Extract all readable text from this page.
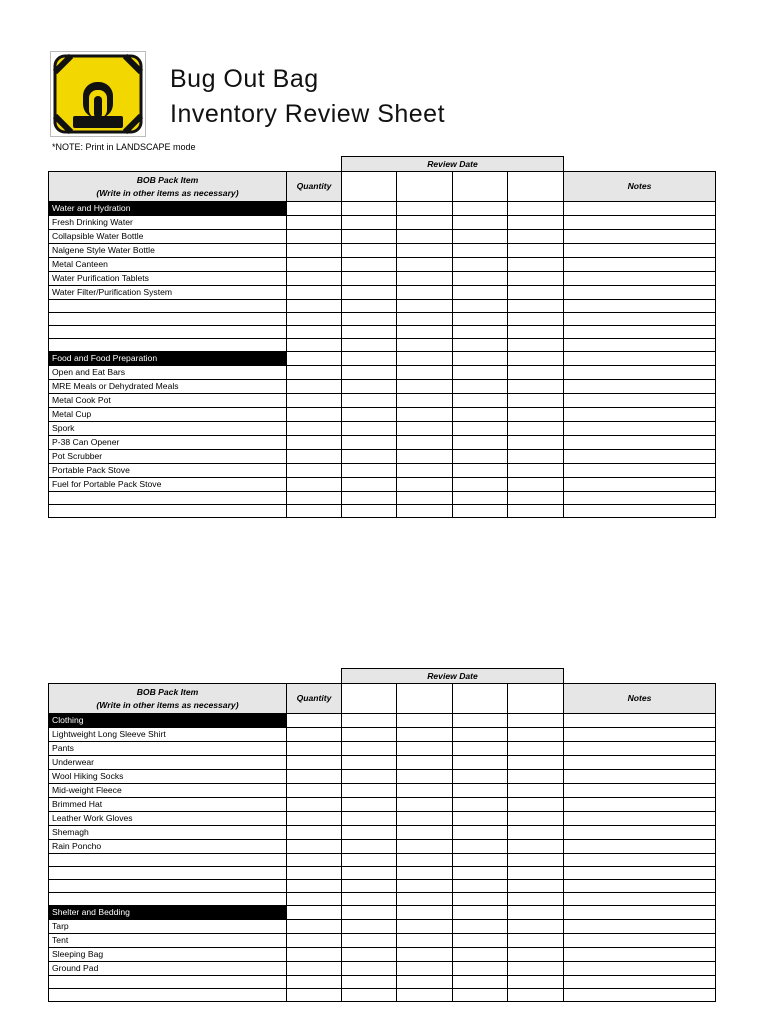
Bug Out Bag
Inventory Review Sheet
*NOTE: Print in LANDSCAPE mode
		Review Date				

BOB Pack Item
(Write in other items as necessary)	Quantity					Notes
Water and Hydration						
Fresh Drinking Water						
Collapsible Water Bottle						
Nalgene Style Water Bottle						
Metal Canteen						
Water Purification Tablets						
Water Filter/Purification System						

Food and Food Preparation						
Open and Eat Bars						
MRE Meals or Dehydrated Meals						
Metal Cook Pot						
Metal Cup						
Spork						
P-38 Can Opener						
Pot Scrubber						
Portable Pack Stove						
Fuel for Portable Pack Stove						

		Review Date				

BOB Pack Item
(Write in other items as necessary)	Quantity					Notes
Clothing						
Lightweight Long Sleeve Shirt						
Pants						
Underwear						
Wool Hiking Socks						
Mid-weight Fleece						
Brimmed Hat						
Leather Work Gloves						
Shemagh						
Rain Poncho						

Shelter and Bedding						
Tarp						
Tent						
Sleeping Bag						
Ground Pad						
